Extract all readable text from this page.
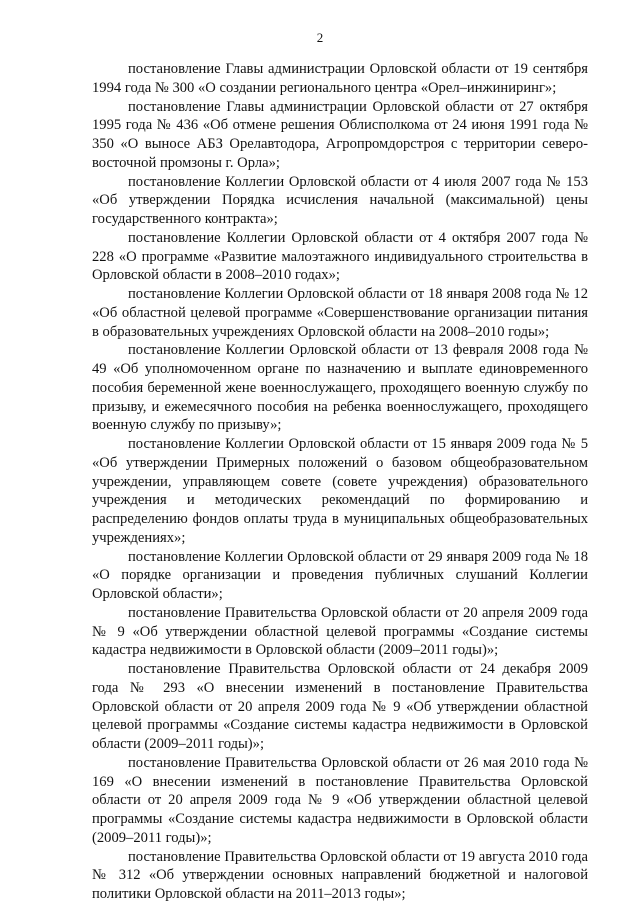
2

постановление Главы администрации Орловской области от 19 сентября 1994 года № 300 «О создании регионального центра «Орел–инжиниринг»;

постановление Главы администрации Орловской области от 27 октября 1995 года № 436 «Об отмене решения Облисполкома от 24 июня 1991 года № 350 «О выносе АБЗ Орелавтодора, Агропромдорстроя с территории северо-восточной промзоны г. Орла»;

постановление Коллегии Орловской области от 4 июля 2007 года № 153 «Об утверждении Порядка исчисления начальной (максимальной) цены государственного контракта»;

постановление Коллегии Орловской области от 4 октября 2007 года № 228 «О программе «Развитие малоэтажного индивидуального строительства в Орловской области в 2008–2010 годах»;

постановление Коллегии Орловской области от 18 января 2008 года № 12 «Об областной целевой программе «Совершенствование организации питания в образовательных учреждениях Орловской области на 2008–2010 годы»;

постановление Коллегии Орловской области от 13 февраля 2008 года № 49 «Об уполномоченном органе по назначению и выплате единовременного пособия беременной жене военнослужащего, проходящего военную службу по призыву, и ежемесячного пособия на ребенка военнослужащего, проходящего военную службу по призыву»;

постановление Коллегии Орловской области от 15 января 2009 года № 5 «Об утверждении Примерных положений о базовом общеобразовательном учреждении, управляющем совете (совете учреждения) образовательного учреждения и методических рекомендаций по формированию и распределению фондов оплаты труда в муниципальных общеобразовательных учреждениях»;

постановление Коллегии Орловской области от 29 января 2009 года № 18 «О порядке организации и проведения публичных слушаний Коллегии Орловской области»;

постановление Правительства Орловской области от 20 апреля 2009 года № 9 «Об утверждении областной целевой программы «Создание системы кадастра недвижимости в Орловской области (2009–2011 годы)»;

постановление Правительства Орловской области от 24 декабря 2009 года № 293 «О внесении изменений в постановление Правительства Орловской области от 20 апреля 2009 года № 9 «Об утверждении областной целевой программы «Создание системы кадастра недвижимости в Орловской области (2009–2011 годы)»;

постановление Правительства Орловской области от 26 мая 2010 года № 169 «О внесении изменений в постановление Правительства Орловской области от 20 апреля 2009 года № 9 «Об утверждении областной целевой программы «Создание системы кадастра недвижимости в Орловской области (2009–2011 годы)»;

постановление Правительства Орловской области от 19 августа 2010 года № 312 «Об утверждении основных направлений бюджетной и налоговой политики Орловской области на 2011–2013 годы»;
